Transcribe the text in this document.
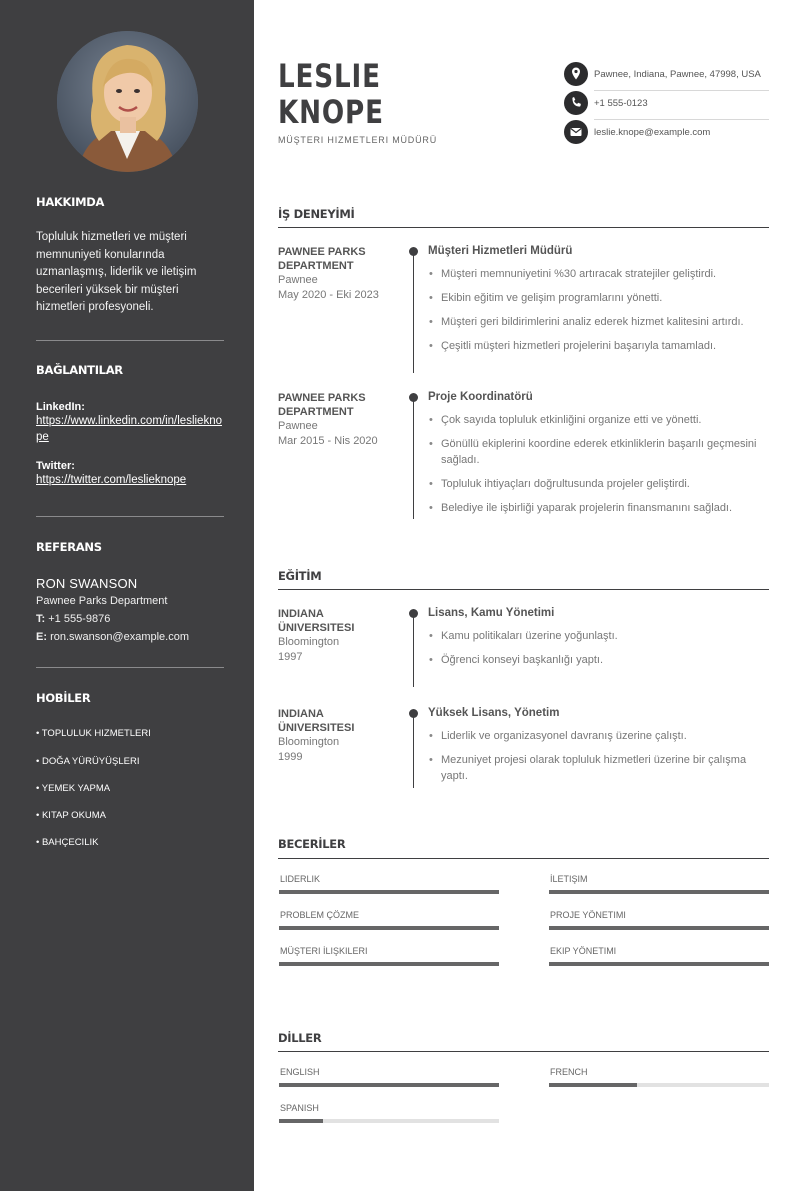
HAKKIMDA

Topluluk hizmetleri ve müşteri memnuniyeti konularında uzmanlaşmış, liderlik ve iletişim becerileri yüksek bir müşteri hizmetleri profesyoneli.

BAĞLANTILAR
LinkedIn:
https://www.linkedin.com/in/leslieknope
Twitter:
https://twitter.com/leslieknope
REFERANS
RON SWANSON
Pawnee Parks Department
T: +1 555-9876
E: ron.swanson@example.com
HOBİLER
• TOPLULUK HIZMETLERI
• DOĞA YÜRÜYÜŞLERI
• YEMEK YAPMA
• KITAP OKUMA
• BAHÇECILIK
LESLIE
KNOPE
MÜŞTERI HIZMETLERI MÜDÜRÜ
Pawnee, Indiana, Pawnee, 47998, USA
+1 555-0123
leslie.knope@example.com
İŞ DENEYİMİ
PAWNEE PARKS DEPARTMENT
Pawnee
May 2020 - Eki 2023
Müşteri Hizmetleri Müdürü
• Müşteri memnuniyetini %30 artıracak stratejiler geliştirdi.
• Ekibin eğitim ve gelişim programlarını yönetti.
• Müşteri geri bildirimlerini analiz ederek hizmet kalitesini artırdı.
• Çeşitli müşteri hizmetleri projelerini başarıyla tamamladı.
PAWNEE PARKS DEPARTMENT
Pawnee
Mar 2015 - Nis 2020
Proje Koordinatörü
• Çok sayıda topluluk etkinliğini organize etti ve yönetti.
• Gönüllü ekiplerini koordine ederek etkinliklerin başarılı geçmesini sağladı.
• Topluluk ihtiyaçları doğrultusunda projeler geliştirdi.
• Belediye ile işbirliği yaparak projelerin finansmanını sağladı.
EĞİTİM
INDIANA ÜNIVERSITESI
Bloomington
1997
Lisans, Kamu Yönetimi
• Kamu politikaları üzerine yoğunlaştı.
• Öğrenci konseyi başkanlığı yaptı.
INDIANA ÜNIVERSITESI
Bloomington
1999
Yüksek Lisans, Yönetim
• Liderlik ve organizasyonel davranış üzerine çalıştı.
• Mezuniyet projesi olarak topluluk hizmetleri üzerine bir çalışma yaptı.
BECERİLER
LIDERLIK	İLETIŞIM
PROBLEM ÇÖZME	PROJE YÖNETIMI
MÜŞTERI İLIŞKILERI	EKIP YÖNETIMI
DİLLER
ENGLISH	FRENCH
SPANISH
